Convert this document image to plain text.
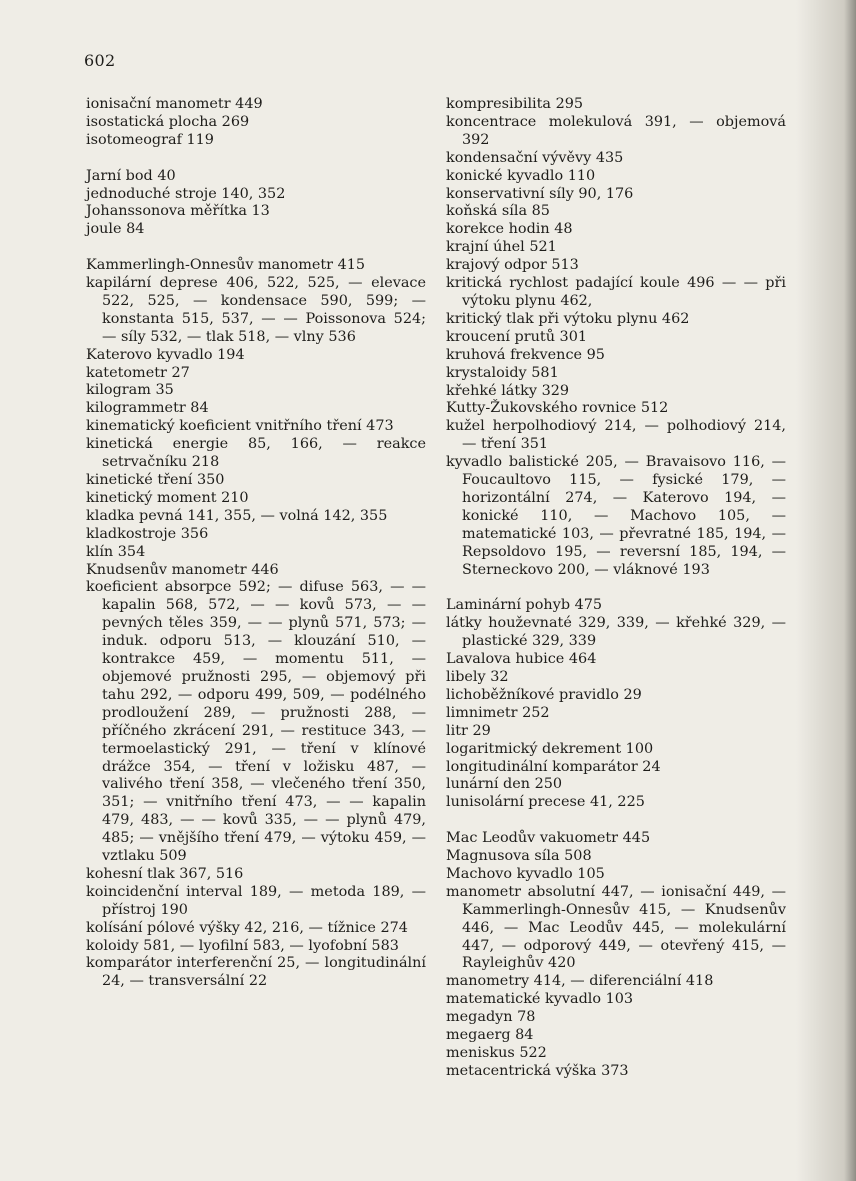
602
ionisační manometr 449
isostatická plocha 269
isotomeograf 119
Jarní bod 40
jednoduché stroje 140, 352
Johanssonova měřítka 13
joule 84
Kammerlingh-Onnesův manometr 415
kapilární deprese 406, 522, 525, — elevace 522, 525, — kondensace 590, 599; — konstanta 515, 537, — — Poissonova 524; — síly 532, — tlak 518, — vlny 536
Katerovo kyvadlo 194
katetometr 27
kilogram 35
kilogrammetr 84
kinematický koeficient vnitřního tření 473
kinetická energie 85, 166, — reakce setrvačníku 218
kinetické tření 350
kinetický moment 210
kladka pevná 141, 355, — volná 142, 355
kladkostroje 356
klín 354
Knudsenův manometr 446
koeficient absorpce 592; — difuse 563, — — kapalin 568, 572, — — kovů 573, — — pevných těles 359, — — plynů 571, 573; — induk. odporu 513, — klouzání 510, — kontrakce 459, — momentu 511, — objemové pružnosti 295, — objemový při tahu 292, — odporu 499, 509, — podélného prodloužení 289, — pružnosti 288, — příčného zkrácení 291, — restituce 343, — termoelastický 291, — tření v klínové drážce 354, — tření v ložisku 487, — valivého tření 358, — vlečeného tření 350, 351; — vnitřního tření 473, — — kapalin 479, 483, — — kovů 335, — — plynů 479, 485; — vnějšího tření 479, — výtoku 459, — vztlaku 509
kohesní tlak 367, 516
koincidenční interval 189, — metoda 189, — přístroj 190
kolísání pólové výšky 42, 216, — tížnice 274
koloidy 581, — lyofilní 583, — lyofobní 583
komparátor interferenční 25, — longitudinální 24, — transversální 22
kompresibilita 295
koncentrace molekulová 391, — objemová 392
kondensační vývěvy 435
konické kyvadlo 110
konservativní síly 90, 176
koňská síla 85
korekce hodin 48
krajní úhel 521
krajový odpor 513
kritická rychlost padající koule 496 — — při výtoku plynu 462,
kritický tlak při výtoku plynu 462
kroucení prutů 301
kruhová frekvence 95
krystaloidy 581
křehké látky 329
Kutty-Žukovského rovnice 512
kužel herpolhodiový 214, — polhodiový 214, — tření 351
kyvadlo balistické 205, — Bravaisovo 116, — Foucaultovo 115, — fysické 179, — horizontální 274, — Katerovo 194, — konické 110, — Machovo 105, — matematické 103, — převratné 185, 194, — Repsoldovo 195, — reversní 185, 194, — Sterneckovo 200, — vláknové 193
Laminární pohyb 475
látky houževnaté 329, 339, — křehké 329, — plastické 329, 339
Lavalova hubice 464
libely 32
lichoběžníkové pravidlo 29
limnimetr 252
litr 29
logaritmický dekrement 100
longitudinální komparátor 24
lunární den 250
lunisolární precese 41, 225
Mac Leodův vakuometr 445
Magnusova síla 508
Machovo kyvadlo 105
manometr absolutní 447, — ionisační 449, — Kammerlingh-Onnesův 415, — Knudsenův 446, — Mac Leodův 445, — molekulární 447, — odporový 449, — otevřený 415, — Rayleighův 420
manometry 414, — diferenciální 418
matematické kyvadlo 103
megadyn 78
megaerg 84
meniskus 522
metacentrická výška 373
